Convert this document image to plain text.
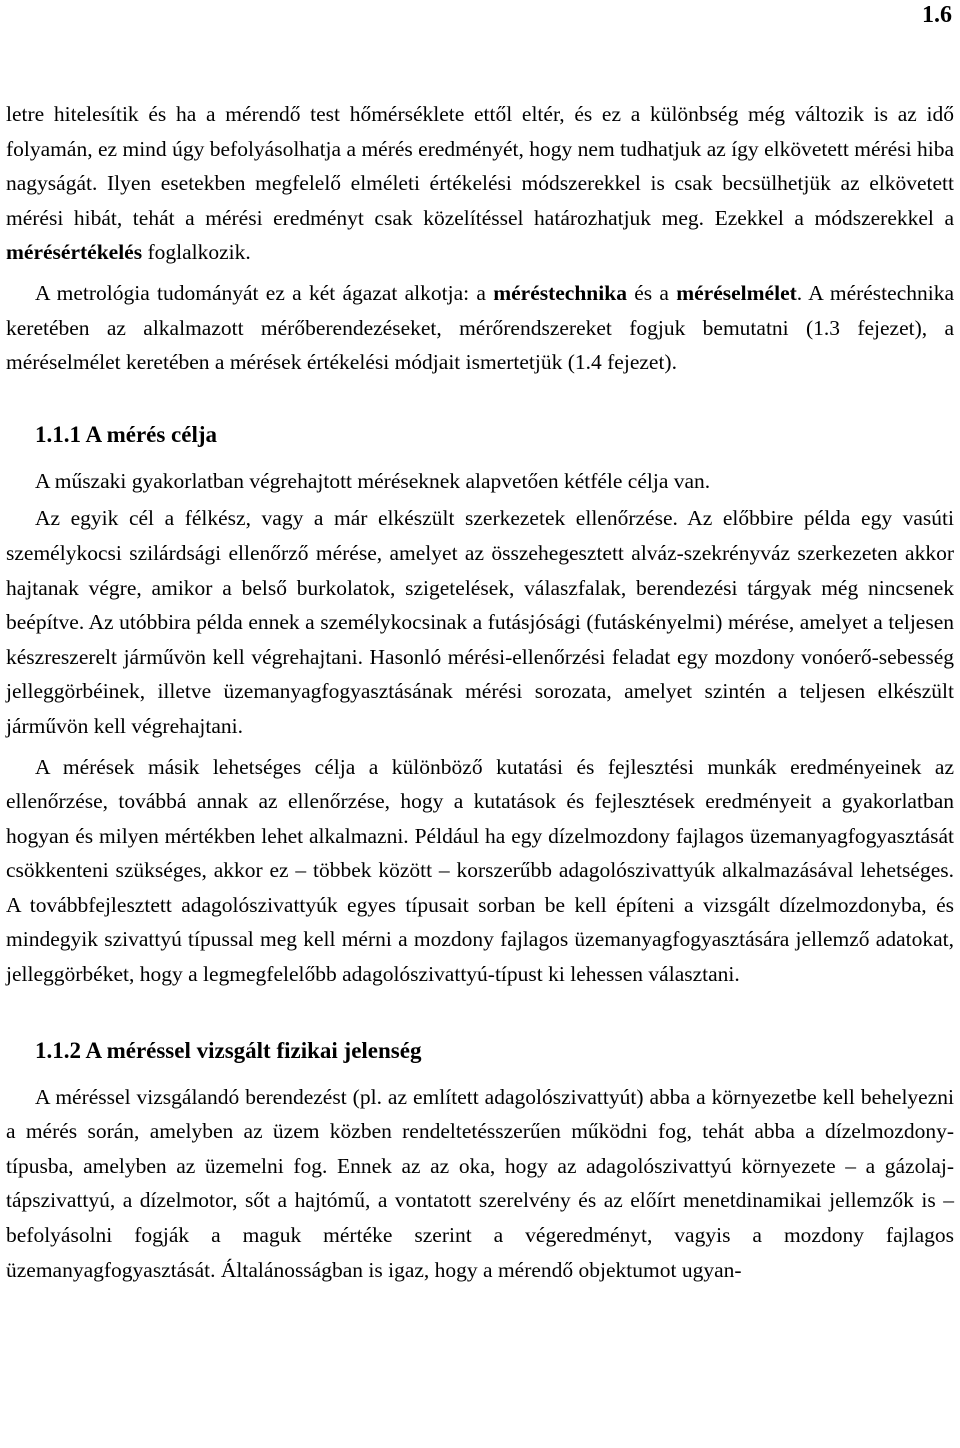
1.6

letre hitelesítik és ha a mérendő test hőmérséklete ettől eltér, és ez a különbség még változik is az idő folyamán, ez mind úgy befolyásolhatja a mérés eredményét, hogy nem tudhatjuk az így elkövetett mérési hiba nagyságát. Ilyen esetekben megfelelő elméleti értékelési módszerekkel is csak becsülhetjük az elkövetett mérési hibát, tehát a mérési eredményt csak közelítéssel határozhatjuk meg. Ezekkel a módszerekkel a mérésértékelés foglalkozik.

A metrológia tudományát ez a két ágazat alkotja: a méréstechnika és a méréselmélet. A méréstechnika keretében az alkalmazott mérőberendezéseket, mérőrendszereket fogjuk bemutatni (1.3 fejezet), a méréselmélet keretében a mérések értékelési módjait ismertetjük (1.4 fejezet).

1.1.1 A mérés célja

A műszaki gyakorlatban végrehajtott méréseknek alapvetően kétféle célja van.

Az egyik cél a félkész, vagy a már elkészült szerkezetek ellenőrzése. Az előbbire példa egy vasúti személykocsi szilárdsági ellenőrző mérése, amelyet az összehegesztett alváz-szekrényváz szerkezeten akkor hajtanak végre, amikor a belső burkolatok, szigetelések, válaszfalak, berendezési tárgyak még nincsenek beépítve. Az utóbbira példa ennek a személykocsinak a futásjósági (futáskényelmi) mérése, amelyet a teljesen készreszerelt járművön kell végrehajtani. Hasonló mérési-ellenőrzési feladat egy mozdony vonóerő-sebesség jelleggörbéinek, illetve üzemanyagfogyasztásának mérési sorozata, amelyet szintén a teljesen elkészült járművön kell végrehajtani.

A mérések másik lehetséges célja a különböző kutatási és fejlesztési munkák eredményeinek az ellenőrzése, továbbá annak az ellenőrzése, hogy a kutatások és fejlesztések eredményeit a gyakorlatban hogyan és milyen mértékben lehet alkalmazni. Például ha egy dízelmozdony fajlagos üzemanyagfogyasztását csökkenteni szükséges, akkor ez – többek között – korszerűbb adagolószivattyúk alkalmazásával lehetséges. A továbbfejlesztett adagolószivattyúk egyes típusait sorban be kell építeni a vizsgált dízelmozdonyba, és mindegyik szivattyú típussal meg kell mérni a mozdony fajlagos üzemanyagfogyasztására jellemző adatokat, jelleggörbéket, hogy a legmegfelelőbb adagolószivattyú-típust ki lehessen választani.

1.1.2 A méréssel vizsgált fizikai jelenség

A méréssel vizsgálandó berendezést (pl. az említett adagolószivattyút) abba a környezetbe kell behelyezni a mérés során, amelyben az üzem közben rendeltetésszerűen működni fog, tehát abba a dízelmozdony-típusba, amelyben az üzemelni fog. Ennek az az oka, hogy az adagolószivattyú környezete – a gázolaj-tápszivattyú, a dízelmotor, sőt a hajtómű, a vontatott szerelvény és az előírt menetdinamikai jellemzők is – befolyásolni fogják a maguk mértéke szerint a végeredményt, vagyis a mozdony fajlagos üzemanyagfogyasztását. Általánosságban is igaz, hogy a mérendő objektumot ugyan-
